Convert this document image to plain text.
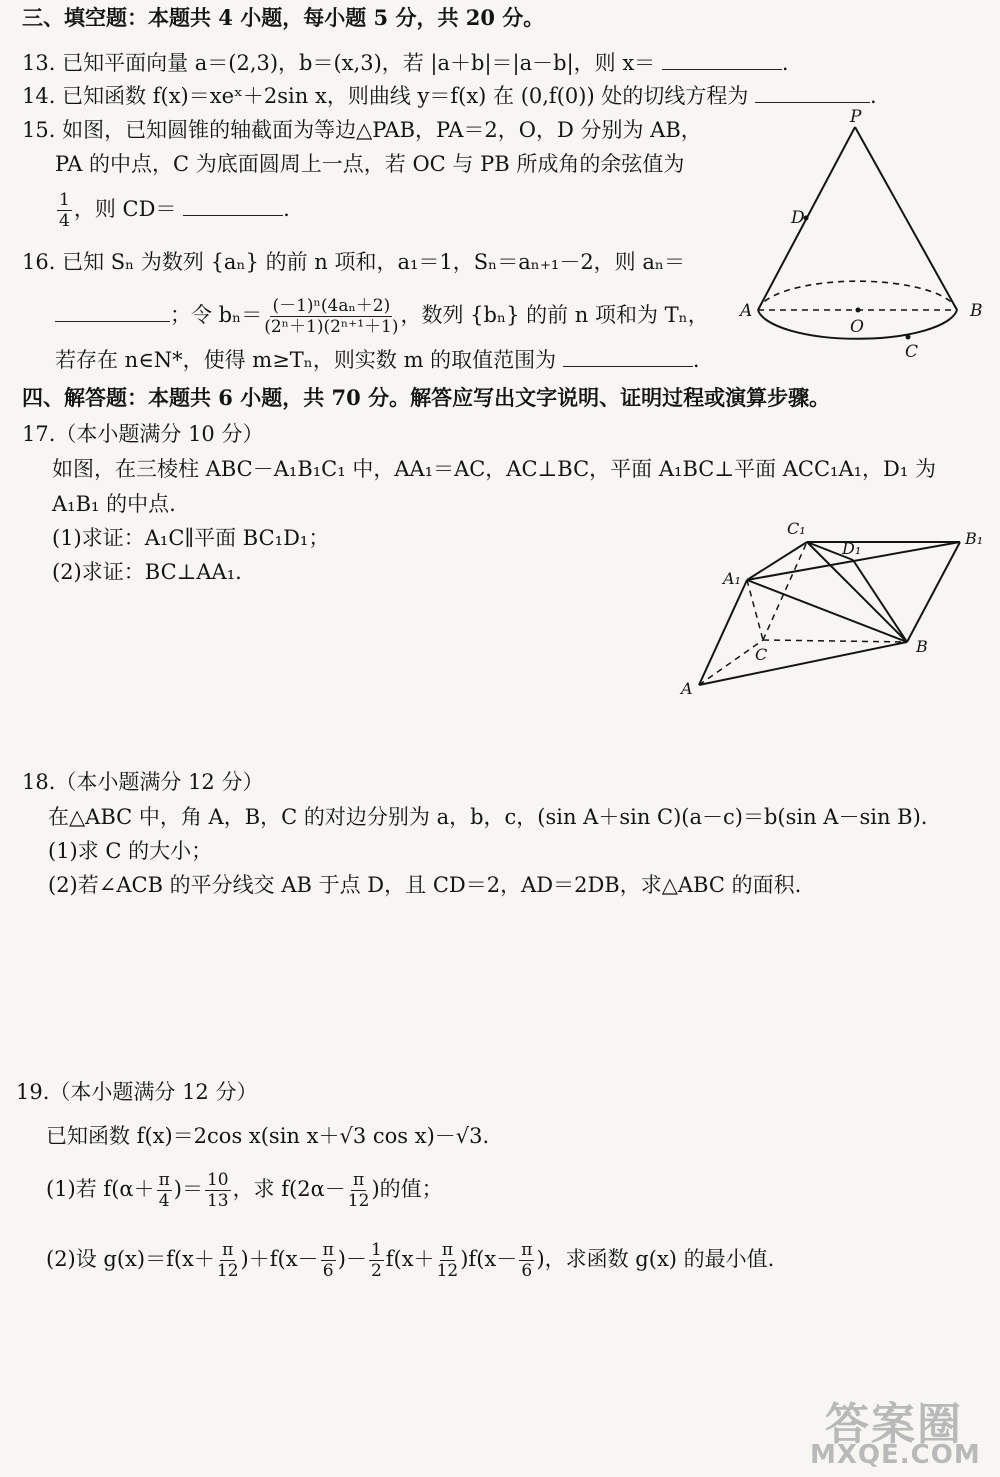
三、填空题：本题共 4 小题，每小题 5 分，共 20 分。
13. 已知平面向量 a＝(2,3)，b＝(x,3)，若 |a＋b|＝|a－b|，则 x＝	.
14. 已知函数 f(x)＝xeˣ＋2sin x，则曲线 y＝f(x) 在 (0,f(0)) 处的切线方程为	.
15. 如图，已知圆锥的轴截面为等边△PAB，PA＝2，O，D 分别为 AB，
PA 的中点，C 为底面圆周上一点，若 OC 与 PB 所成角的余弦值为
$\frac{1}{4}$ ，则 CD＝	.
16. 已知 Sₙ 为数列 {aₙ} 的前 n 项和，a₁＝1，Sₙ＝aₙ₊₁－2，则 aₙ＝
；令 $b_n= \frac{\text{(－1)ⁿ(4aₙ＋2)}}{\text{(2ⁿ＋1)(2ⁿ⁺¹＋1)}}$ ，数列 {bₙ} 的前 n 项和为 Tₙ，
若存在 n∈N*，使得 m≥Tₙ，则实数 m 的取值范围为	.
P
D
A	B
O
C
四、解答题：本题共 6 小题，共 70 分。解答应写出文字说明、证明过程或演算步骤。
17.（本小题满分 10 分）
如图，在三棱柱 ABC－A₁B₁C₁ 中，AA₁＝AC，AC⊥BC，平面 A₁BC⊥平面 ACC₁A₁，D₁ 为
A₁B₁ 的中点.
(1)求证：A₁C∥平面 BC₁D₁；
(2)求证：BC⊥AA₁.
C₁
D₁
B₁
A₁
C	B
A
18.（本小题满分 12 分）
在△ABC 中，角 A，B，C 的对边分别为 a，b，c，(sin A＋sin C)(a－c)＝b(sin A－sin B).
(1)求 C 的大小；
(2)若∠ACB 的平分线交 AB 于点 D，且 CD＝2，AD＝2DB，求△ABC 的面积.
19.（本小题满分 12 分）
已知函数 f(x)＝2cos x(sin x＋√3 cos x)－√3.
(1)若 $f(\alpha+ \frac{\pi}{4}$ )＝ $\frac{10}{13}$ ，求 $f(2\alpha- \frac{\pi}{12}$ )的值；
(2)设 $g(x)=f(x+ \frac{\pi}{12} )+f(x- \frac{\pi}{6}$ )－ $\frac{1}{2} f(x+ \frac{\pi}{12} )f(x- \frac{\pi}{6}$ )，求函数 g(x) 的最小值.
答案圈
MXQE.COM
